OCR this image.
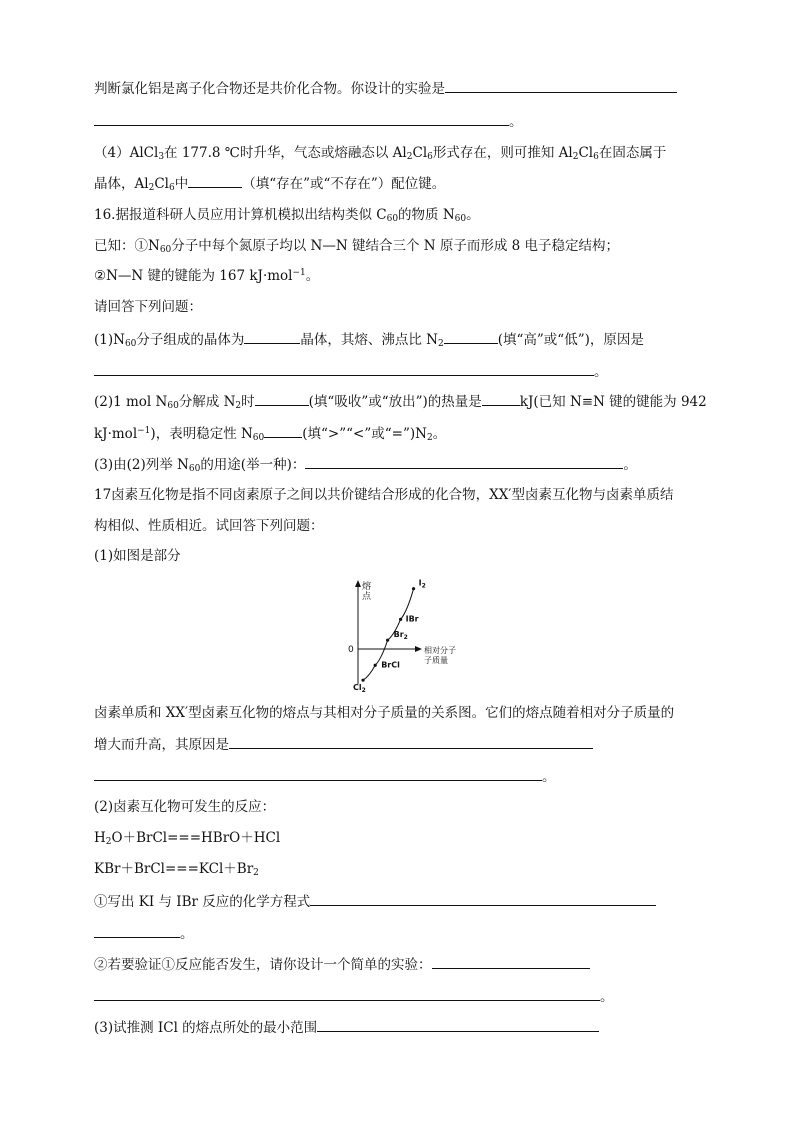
判断氯化铝是离子化合物还是共价化合物。你设计的实验是
。
（4）AlCl$_3$在 177.8 ℃时升华，气态或熔融态以 $Al_2Cl_6$形式存在，则可推知 $Al_2Cl_6$在固态属于
晶体，$Al_2Cl_6$中	（填“存在”或“不存在”）配位键。
16.据报道科研人员应用计算机模拟出结构类似 $C_{60}$的物质 $N_{60}$。
已知：$①N_{60}$分子中每个氮原子均以 N—N 键结合三个 N 原子而形成 8 电子稳定结构；
②N—N 键的键能为 167 kJ·mol$^{-1}$。
请回答下列问题：
$(1)N_{60}$分子组成的晶体为	晶体，其熔、沸点比 $N_2$	(填“高”或“低”)，原因是
。
(2)1 mol $N_{60}$分解成 $N_2$时	(填“吸收”或“放出”)的热量是	kJ(已知 N≡N 键的键能为 942
kJ·mol$^{-1}$)，表明稳定性 $N_{60}$	(填“>”“<”或“$=”)N_2$。
(3)由(2)列举 $N_{60}$的用途(举一种)：	。
17卤素互化物是指不同卤素原子之间以共价键结合形成的化合物，XX′型卤素互化物与卤素单质结
构相似、性质相近。试回答下列问题：
(1)如图是部分
0
熔
点
相对分子
子质量
$Cl_2$
BrCl
$Br_2$
IBr
$I_2$
卤素单质和 XX′型卤素互化物的熔点与其相对分子质量的关系图。它们的熔点随着相对分子质量的
增大而升高，其原因是
。
(2)卤素互化物可发生的反应：
$H_2O+BrCl===HBrO+HCl$
$KBr+BrCl===KCl+Br_2$
①写出 KI 与 IBr 反应的化学方程式
。
②若要验证①反应能否发生，请你设计一个简单的实验：
。
(3)试推测 ICl 的熔点所处的最小范围
